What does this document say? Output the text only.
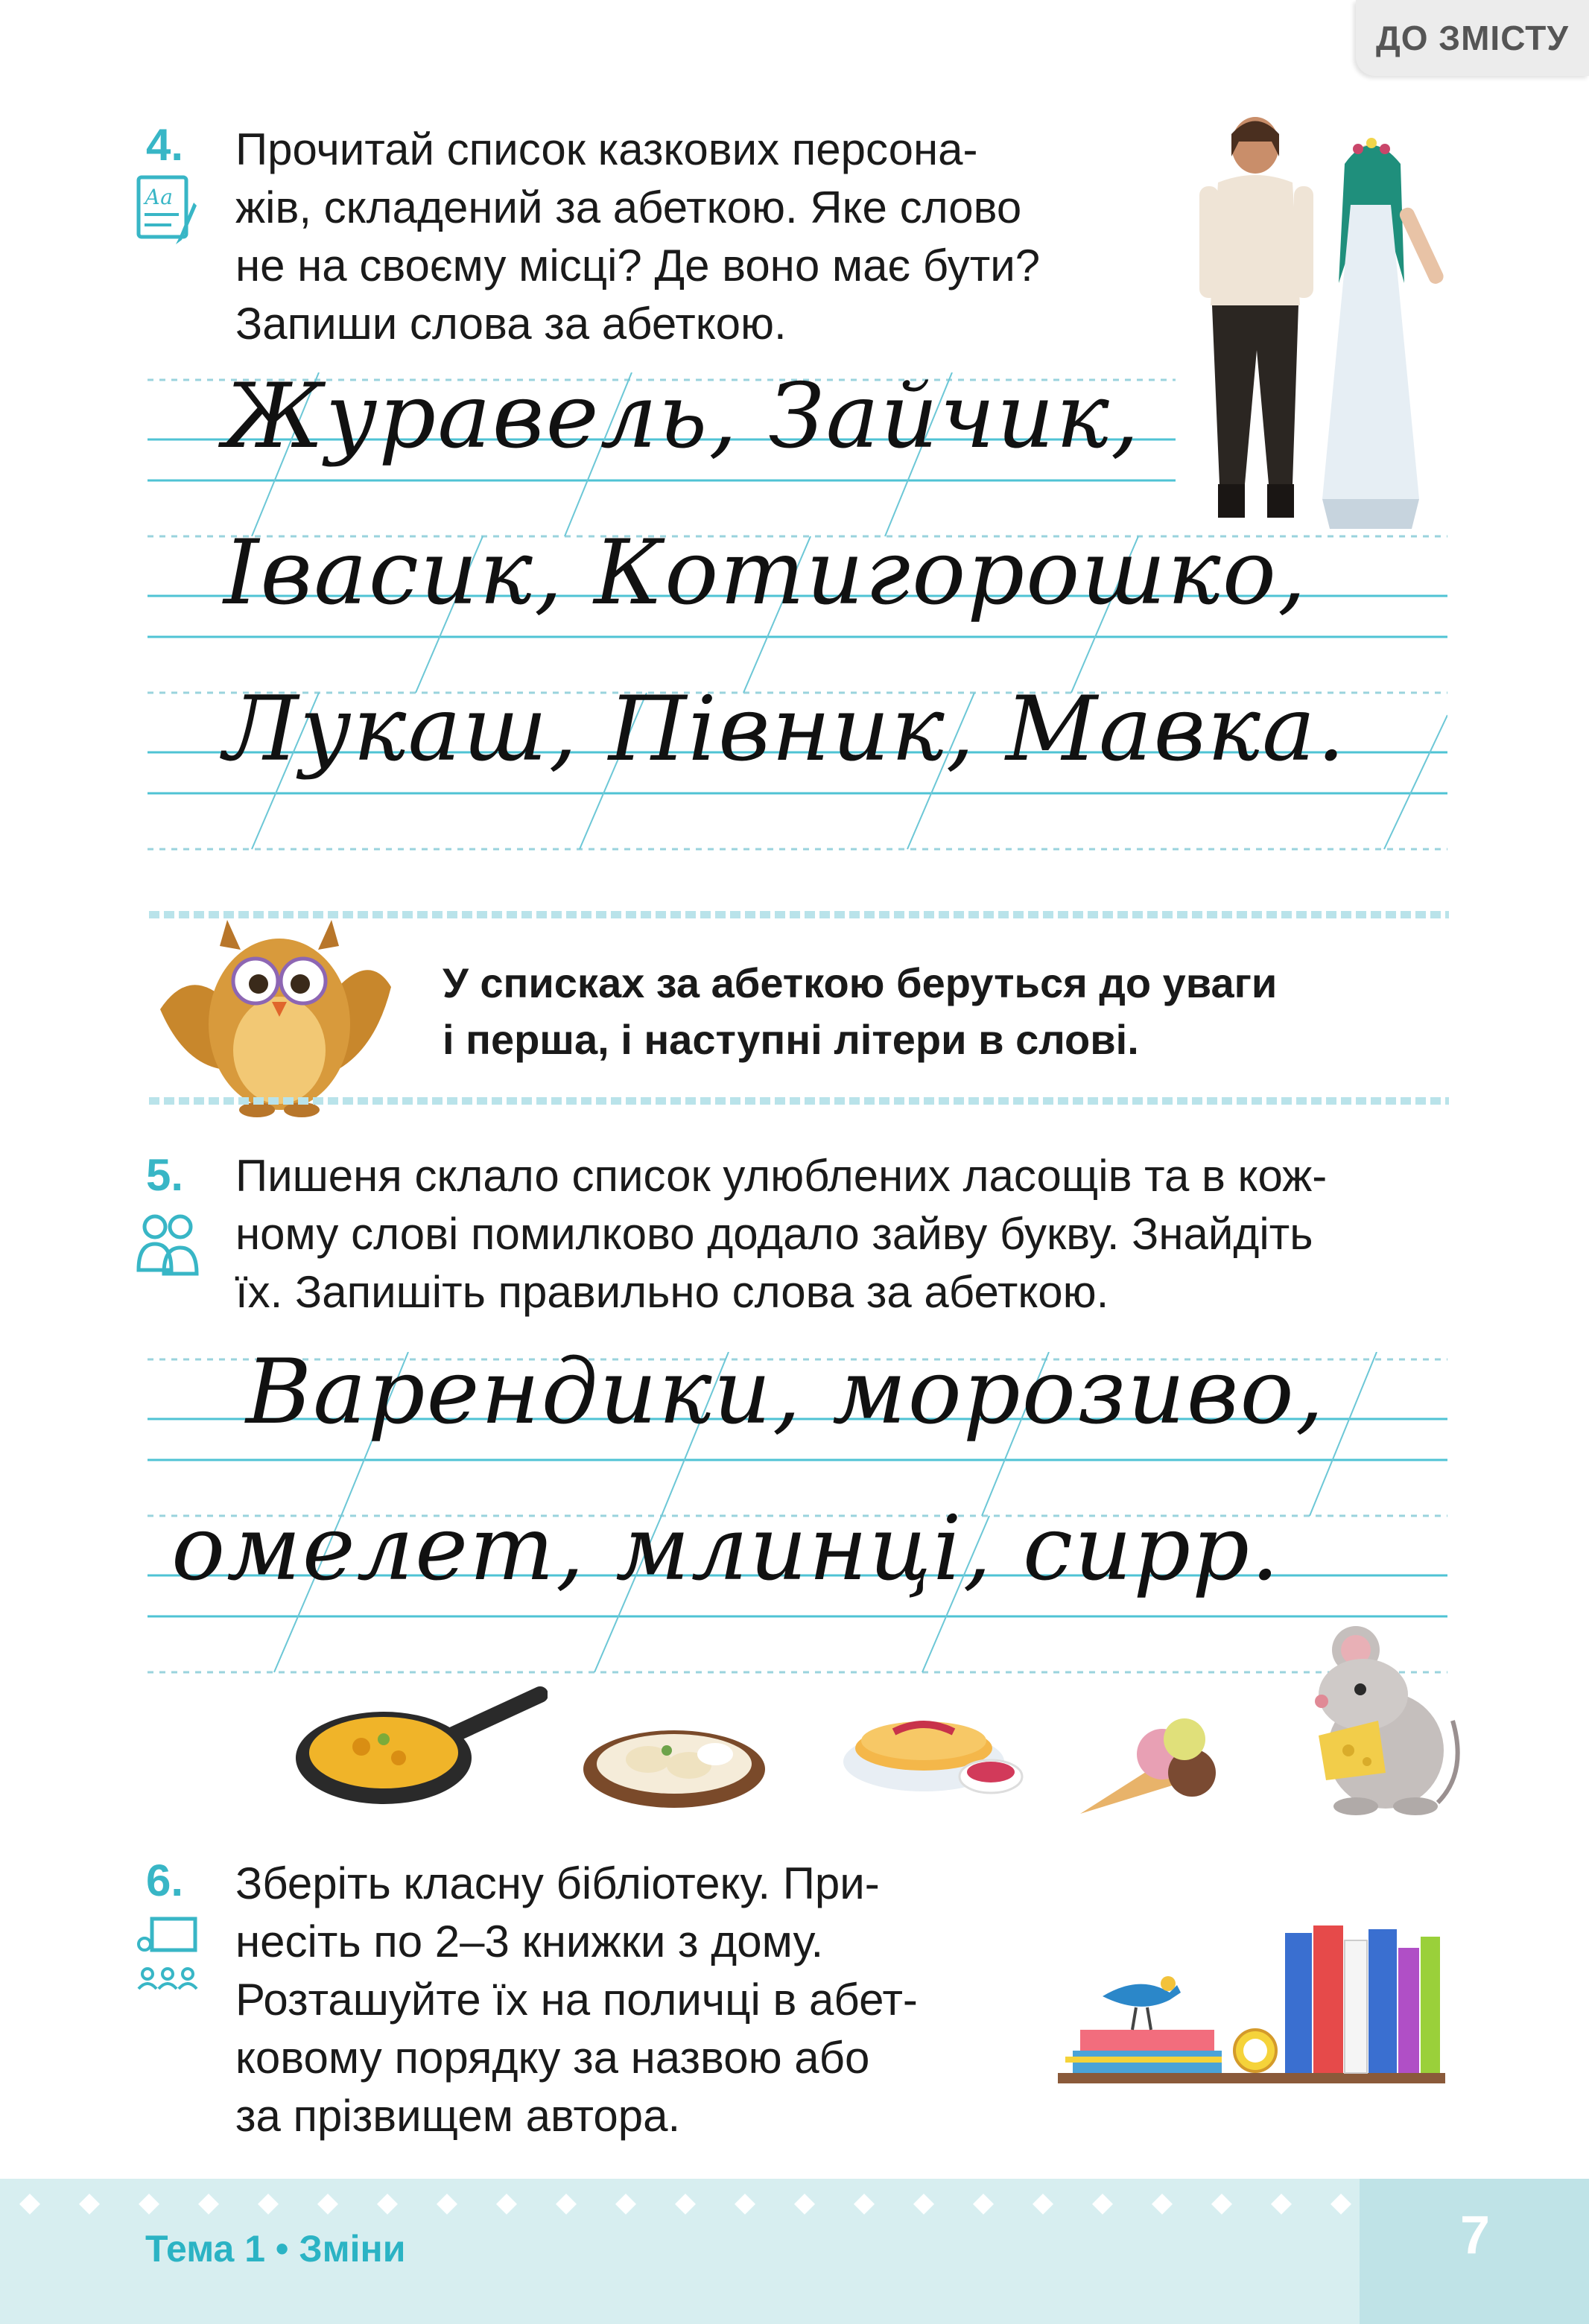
ДО ЗМІСТУ
4.
Аа
Прочитай список казкових персона-
жів, складений за абеткою. Яке слово
не на своєму місці? Де воно має бути?
Запиши слова за абеткою.
Журавель, Зайчик,
Івасик, Котигорошко,
Лукаш, Півник, Мавка.
У списках за абеткою беруться до уваги
і перша, і наступні літери в слові.
5. Пишеня склало список улюблених ласощів та в кож-
ному слові помилково додало зайву букву. Знайдіть
їх. Запишіть правильно слова за абеткою.
Варендики, морозиво,
омелет, млинці, сирр.
6. Зберіть класну бібліотеку. При-
несіть по 2–3 книжки з дому.
Розташуйте їх на поличці в абет-
ковому порядку за назвою або
за прізвищем автора.
Тема 1 • Зміни	7
